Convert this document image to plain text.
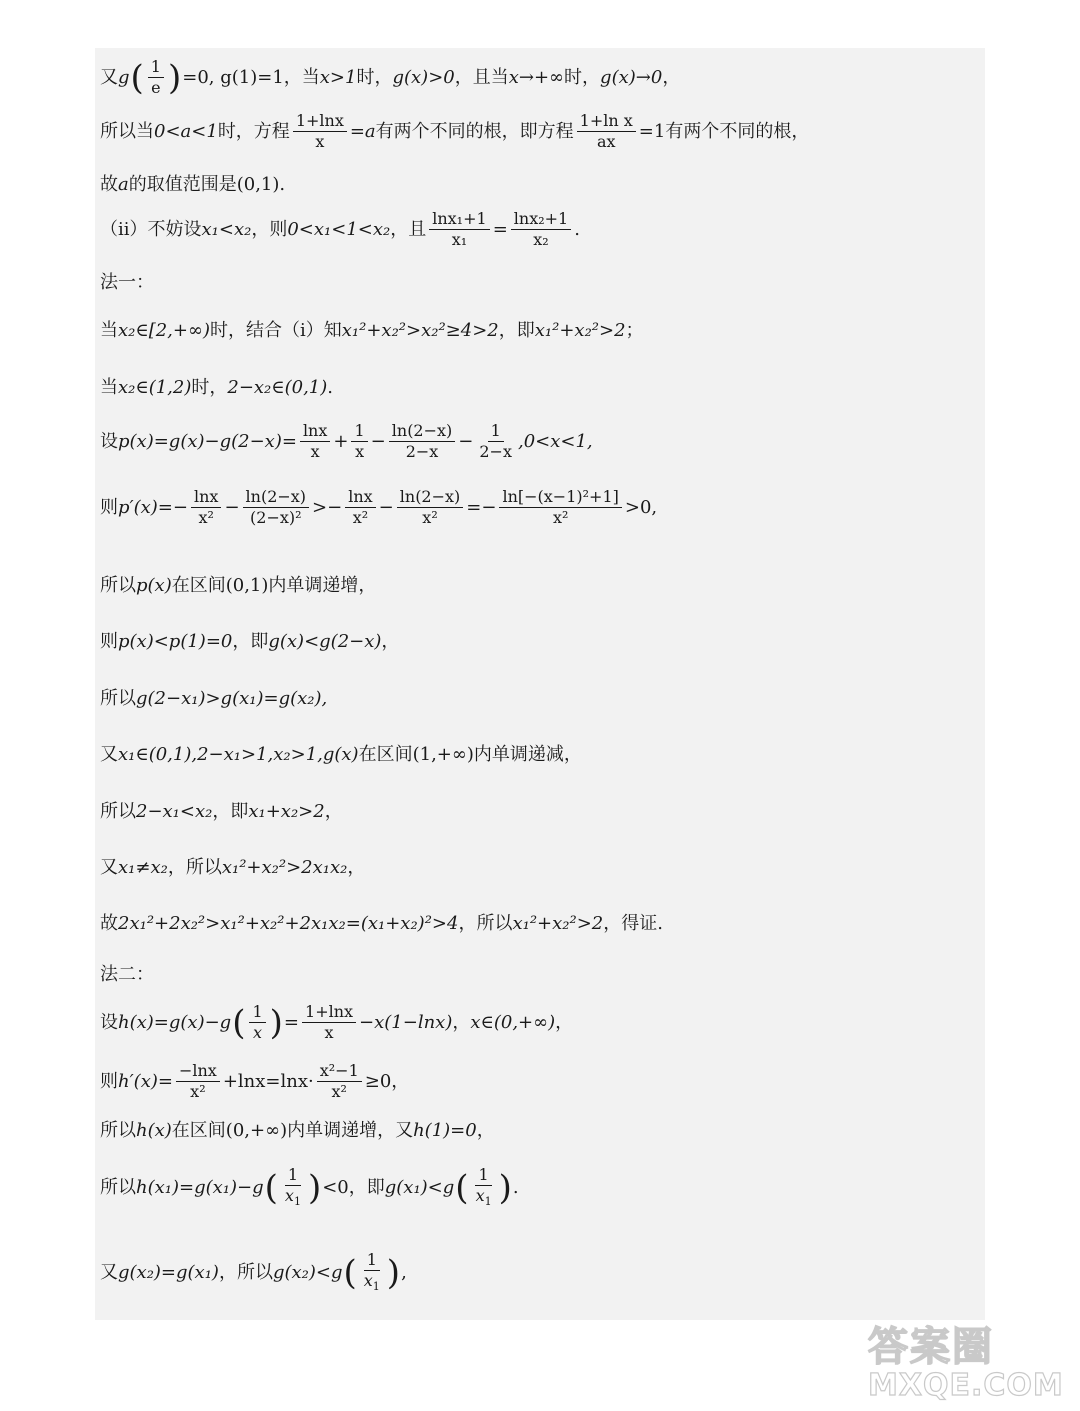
又 g ( $\frac{1}{e}$ ) =0, g(1)=1，当 x>1 时， g(x)>0 ，且当 x→+∞ 时， g(x)→0 ，
所以当 0<a<1 时，方程 $\frac{1+\ln x}{x} =a$ 有两个不同的根，即方程 $\frac{\text{1+ln x}}{ax} =1$ 有两个不同的根，
故 a 的取值范围是(0,1).
（ii）不妨设 x₁<x₂ ，则 0<x₁<1<x₂ ，且 $\frac{\text{lnx₁+1}}{\text{x₁}} = \frac{\text{lnx₂+1}}{\text{x₂}}$ .
法一：
当 x₂∈[2,+∞) 时，结合（i）知 x₁²+x₂²>x₂²≥4>2 ，即 x₁²+x₂²>2 ；
当 x₂∈(1,2) 时， 2−x₂∈(0,1) .
设 $p(x)=g(x)-g(2-x)= \frac{\ln x}{x} + \frac{1}{x} - \frac{\ln(2-x)}{2-x} - \frac{1}{2-x} ,0<x<1$,
则 $p'(x)=- \frac{\ln x}{\text{x²}} - \frac{\ln(2-x)}{\text{(2−x)²}} >- \frac{\ln x}{\text{x²}} - \frac{\ln(2-x)}{\text{x²}} =- \frac{\text{ln[−(x−1)²+1]}}{\text{x²}} >0$,
所以 p(x) 在区间(0,1)内单调递增，
则 p(x)<p(1)=0 ，即 g(x)<g(2−x) ，
所以 g(2−x₁)>g(x₁)=g(x₂),
又 x₁∈(0,1),2−x₁>1,x₂>1,g(x) 在区间(1,+∞)内单调递减，
所以 2−x₁<x₂ ，即 x₁+x₂>2 ，
又 x₁≠x₂ ，所以 x₁²+x₂²>2x₁x₂ ，
故 2x₁²+2x₂²>x₁²+x₂²+2x₁x₂=(x₁+x₂)²>4 ，所以 x₁²+x₂²>2 ，得证.
法二：
设 h(x)=g(x)−g ( $\frac{1}{x}$ ) = $\frac{1+\ln x}{x} -x(1-\ln x)$ ， x∈(0,+∞) ，
则 $h'(x)= \frac{-\ln x}{\text{x²}} +\ln x=\ln x\cdot \frac{\text{x²−1}}{\text{x²}} \ge 0$ ，
所以 h(x) 在区间(0,+∞)内单调递增，又 h(1)=0 ，
所以 h(x₁)=g(x₁)−g ( $\frac{1}{x_1}$ ) <0 ，即 g(x₁)<g ( $\frac{1}{x_1}$ ) .
又 g(x₂)=g(x₁) ，所以 g(x₂)<g ( $\frac{1}{x_1}$ ) ,
答案圈
MXQE.COM
